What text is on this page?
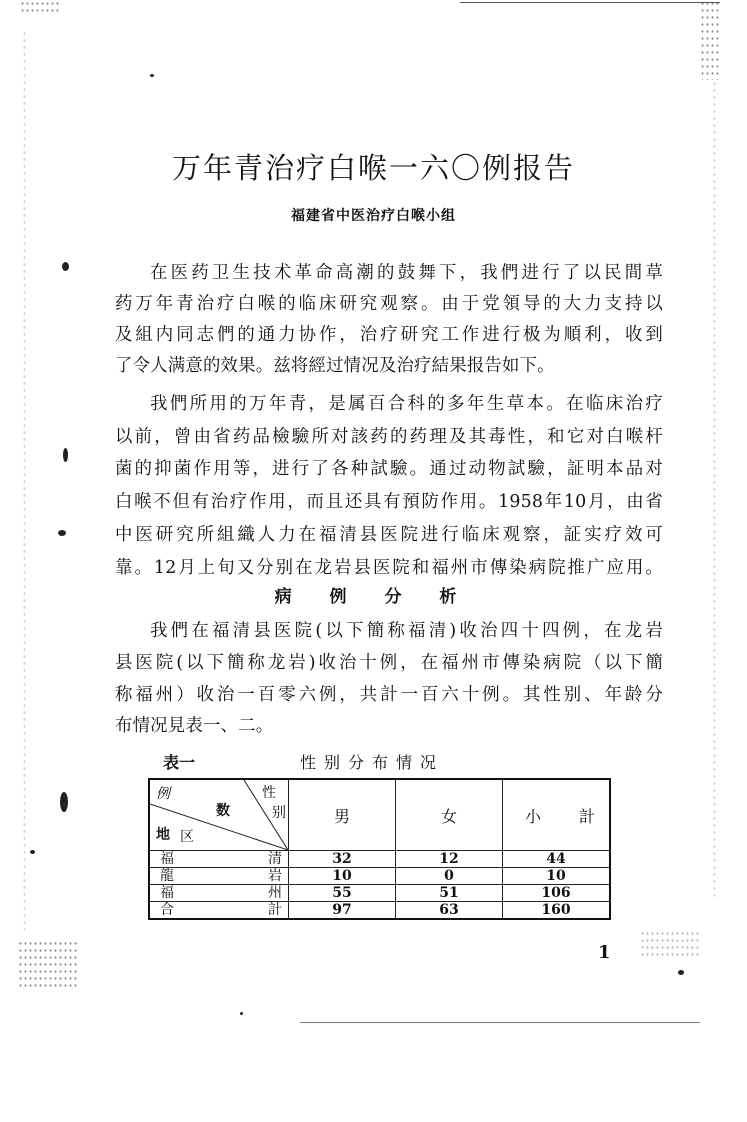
万年青治疗白喉一六〇例报告
福建省中医治疗白喉小组
在医药卫生技术革命高潮的鼓舞下，我們进行了以民間草
药万年青治疗白喉的临床研究观察。由于党領导的大力支持以
及組内同志們的通力协作，治疗研究工作进行极为順利，收到
了令人满意的效果。兹将經过情况及治疗結果报告如下。
我們所用的万年青，是属百合科的多年生草本。在临床治疗
以前，曾由省药品檢驗所对該药的药理及其毒性，和它对白喉杆
菌的抑菌作用等，进行了各种試驗。通过动物試驗，証明本品对
白喉不但有治疗作用，而且还具有預防作用。1958年10月，由省
中医研究所組織人力在福清县医院进行临床观察，証实疗效可
靠。12月上旬又分别在龙岩县医院和福州市傳染病院推广应用。
病 例 分 析
我們在福清县医院(以下簡称福清)收治四十四例，在龙岩
县医院(以下簡称龙岩)收治十例，在福州市傳染病院（以下簡
称福州）收治一百零六例，共計一百六十例。其性别、年龄分
布情况見表一、二。
表一	性别分布情况
例
数
性
别
地 区
	男	女	小 計

福 清	32	12	44

龍 岩	10	0	10

福 州	55	51	106

合 計	97	63	160
1
